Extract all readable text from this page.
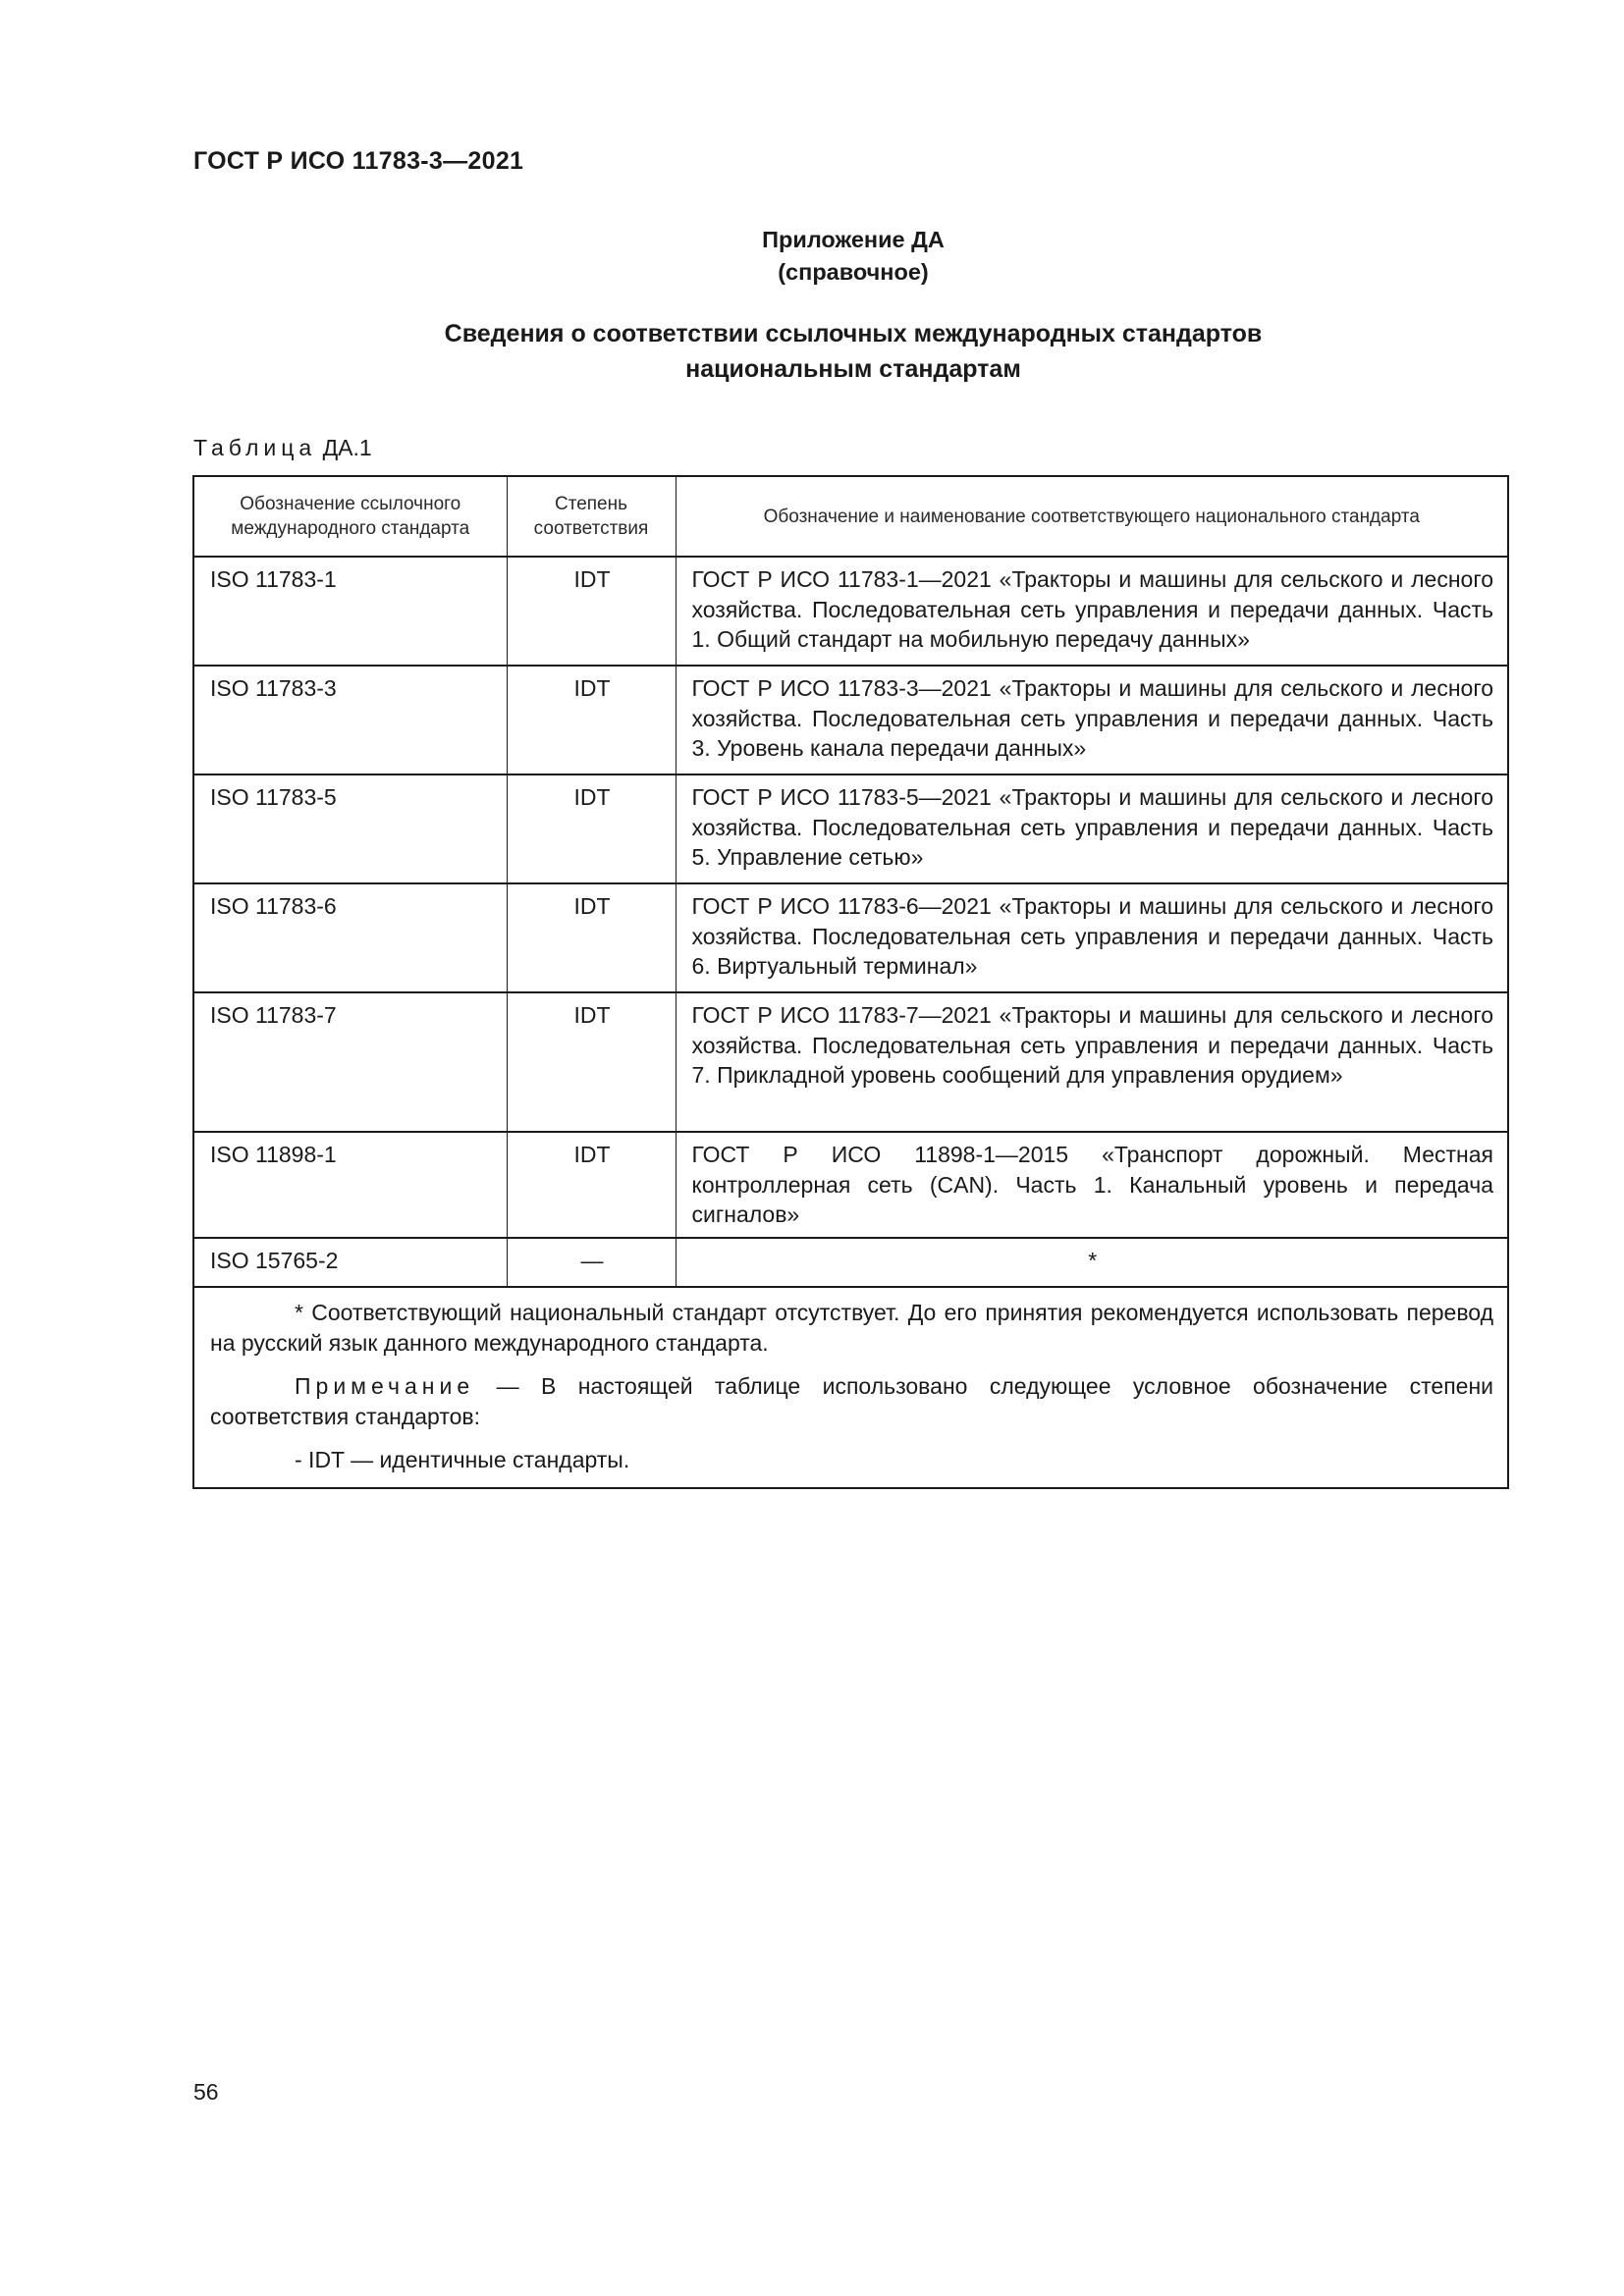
ГОСТ Р ИСО 11783-3—2021
Приложение ДА
(справочное)
Сведения о соответствии ссылочных международных стандартов
национальным стандартам
Таблица ДА.1
Обозначение ссылочного международного стандарта	Степень соответствия	Обозначение и наименование соответствующего национального стандарта
ISO 11783-1	IDT	ГОСТ Р ИСО 11783-1—2021 «Тракторы и машины для сельского и лесного хозяйства. Последовательная сеть управления и передачи данных. Часть 1. Общий стандарт на мобильную передачу данных»
ISO 11783-3	IDT	ГОСТ Р ИСО 11783-3—2021 «Тракторы и машины для сельского и лесного хозяйства. Последовательная сеть управления и передачи данных. Часть 3. Уровень канала передачи данных»
ISO 11783-5	IDT	ГОСТ Р ИСО 11783-5—2021 «Тракторы и машины для сельского и лесного хозяйства. Последовательная сеть управления и передачи данных. Часть 5. Управление сетью»
ISO 11783-6	IDT	ГОСТ Р ИСО 11783-6—2021 «Тракторы и машины для сельского и лесного хозяйства. Последовательная сеть управления и передачи данных. Часть 6. Виртуальный терминал»
ISO 11783-7	IDT	ГОСТ Р ИСО 11783-7—2021 «Тракторы и машины для сельского и лесного хозяйства. Последовательная сеть управления и передачи данных. Часть 7. Прикладной уровень сообщений для управления орудием»
ISO 11898-1	IDT	ГОСТ Р ИСО 11898-1—2015 «Транспорт дорожный. Местная контроллерная сеть (CAN). Часть 1. Канальный уровень и передача сигналов»
ISO 15765-2	—	*

* Соответствующий национальный стандарт отсутствует. До его принятия рекомендуется использовать перевод на русский язык данного международного стандарта.

Примечание — В настоящей таблице использовано следующее условное обозначение степени соответствия стандартов:

- IDT — идентичные стандарты.

56
